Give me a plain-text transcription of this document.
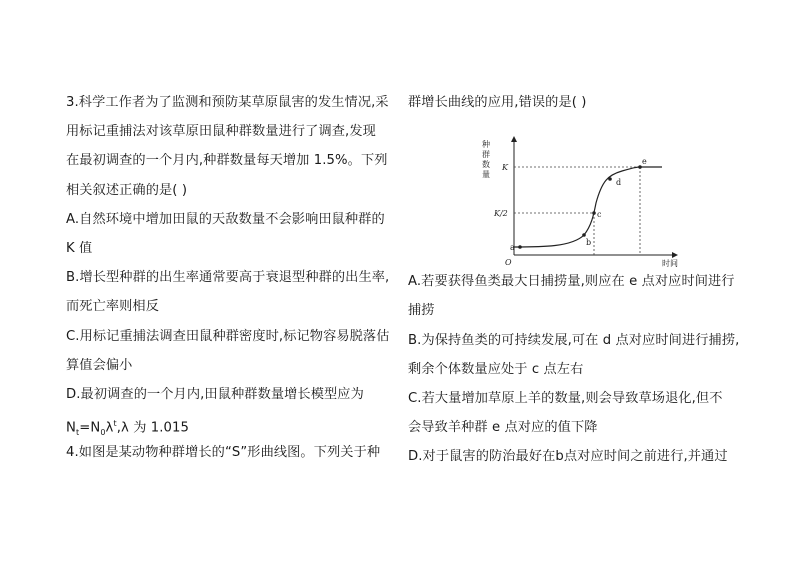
3.科学工作者为了监测和预防某草原鼠害的发生情况,采
用标记重捕法对该草原田鼠种群数量进行了调查,发现
在最初调查的一个月内,种群数量每天增加 1.5%。下列
相关叙述正确的是( )
A.自然环境中增加田鼠的天敌数量不会影响田鼠种群的
K 值
B.增长型种群的出生率通常要高于衰退型种群的出生率,
而死亡率则相反
C.用标记重捕法调查田鼠种群密度时,标记物容易脱落估
算值会偏小
D.最初调查的一个月内,田鼠种群数量增长模型应为
$N_t=N_0\lambda^t,\lambda$ 为 1.015
4.如图是某动物种群增长的“S”形曲线图。下列关于种
群增长曲线的应用,错误的是( )
种
群
数
量
a
b
c
d
e
K
K/2
O	时间
A.若要获得鱼类最大日捕捞量,则应在 e 点对应时间进行
捕捞
B.为保持鱼类的可持续发展,可在 d 点对应时间进行捕捞,
剩余个体数量应处于 c 点左右
C.若大量增加草原上羊的数量,则会导致草场退化,但不
会导致羊种群 e 点对应的值下降
D.对于鼠害的防治最好在b点对应时间之前进行,并通过
